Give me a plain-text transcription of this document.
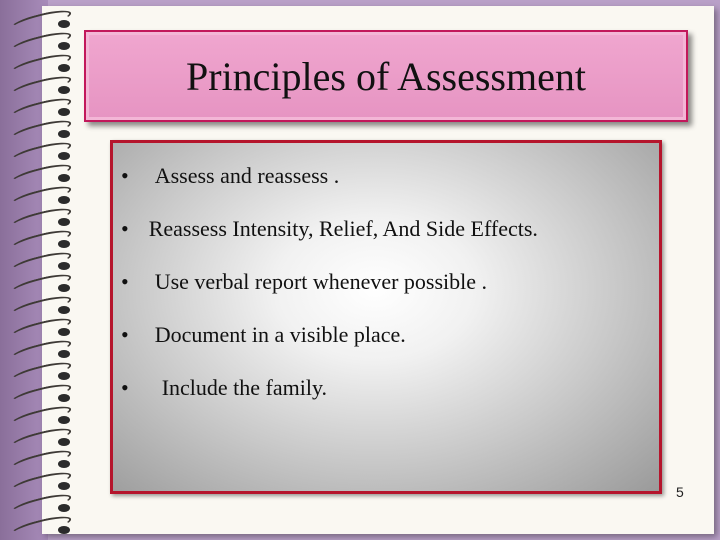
Principles of Assessment
• Assess and reassess .
• Reassess Intensity, Relief, And Side Effects.
• Use verbal report whenever possible .
• Document in a visible place.
• Include the family.
5
